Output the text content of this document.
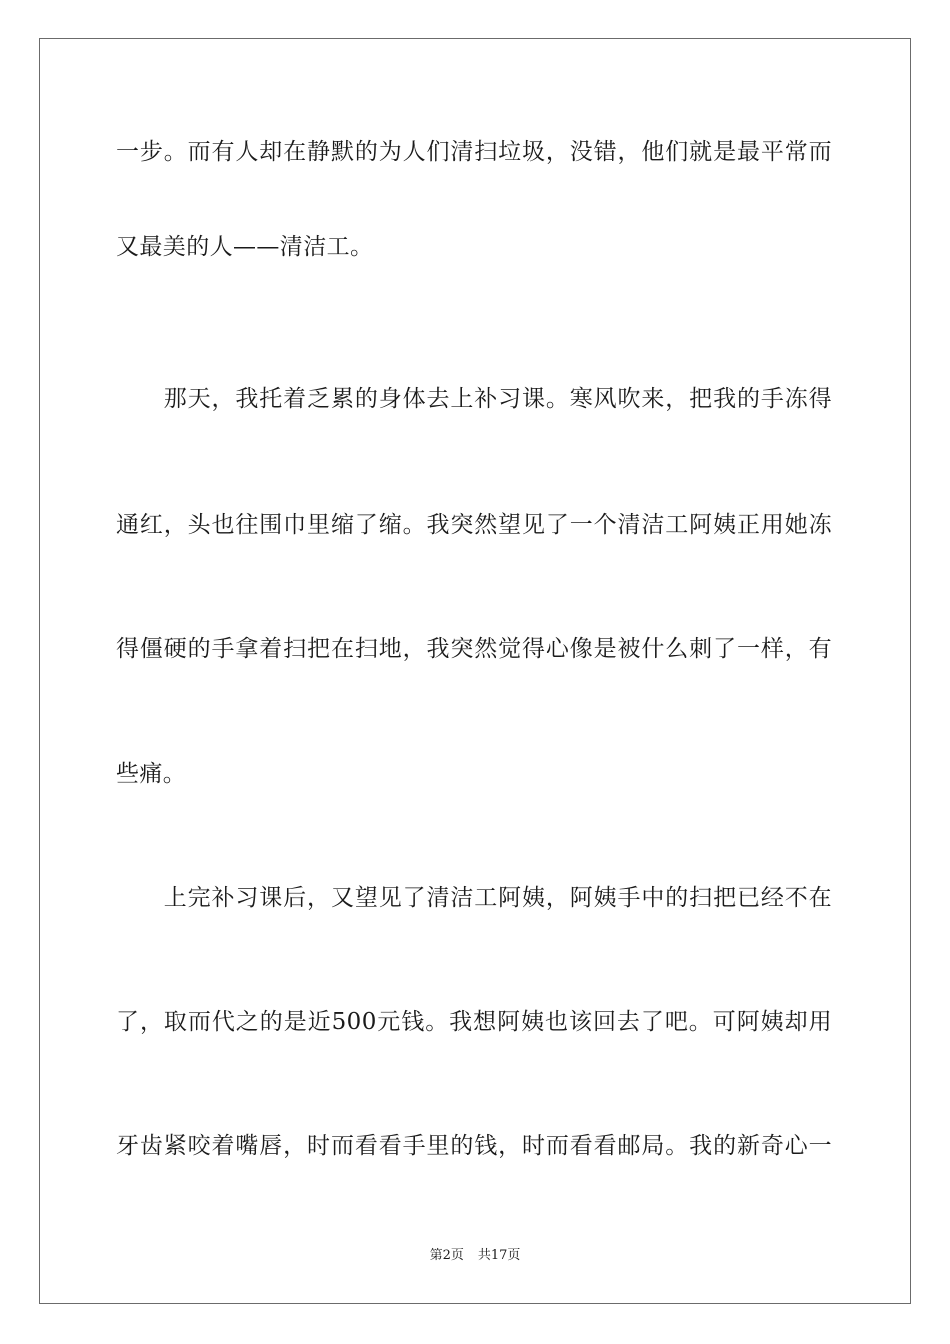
一步。而有人却在静默的为人们清扫垃圾，没错，他们就是最平常而
又最美的人——清洁工。
　　那天，我托着乏累的身体去上补习课。寒风吹来，把我的手冻得
通红，头也往围巾里缩了缩。我突然望见了一个清洁工阿姨正用她冻
得僵硬的手拿着扫把在扫地，我突然觉得心像是被什么刺了一样，有
些痛。
　　上完补习课后，又望见了清洁工阿姨，阿姨手中的扫把已经不在
了，取而代之的是近500元钱。我想阿姨也该回去了吧。可阿姨却用
牙齿紧咬着嘴唇，时而看看手里的钱，时而看看邮局。我的新奇心一
第2页 共17页
